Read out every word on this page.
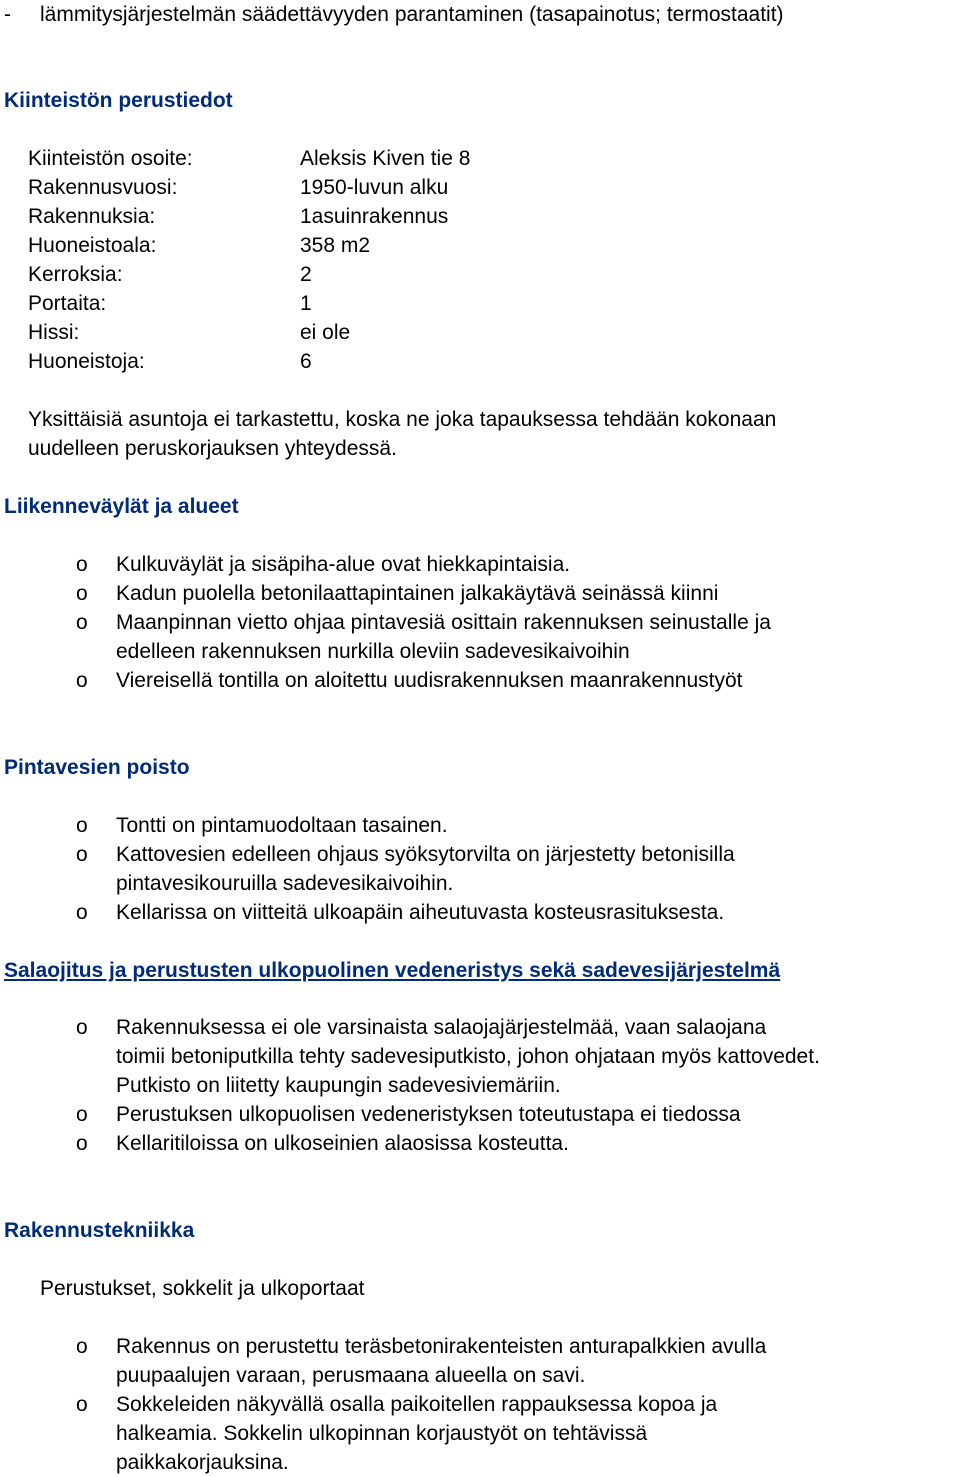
- lämmitysjärjestelmän säädettävyyden parantaminen (tasapainotus; termostaatit)
Kiinteistön perustiedot
Kiinteistön osoite:	Aleksis Kiven tie 8
Rakennusvuosi:	1950-luvun alku
Rakennuksia:	1asuinrakennus
Huoneistoala:	358 m2
Kerroksia:	2
Portaita:	1
Hissi:	ei ole
Huoneistoja:	6
Yksittäisiä asuntoja ei tarkastettu, koska ne joka tapauksessa tehdään kokonaan
uudelleen peruskorjauksen yhteydessä.
Liikenneväylät ja alueet
o Kulkuväylät ja sisäpiha-alue ovat hiekkapintaisia.
o Kadun puolella betonilaattapintainen jalkakäytävä seinässä kiinni
o Maanpinnan vietto ohjaa pintavesiä osittain rakennuksen seinustalle ja
edelleen rakennuksen nurkilla oleviin sadevesikaivoihin
o Viereisellä tontilla on aloitettu uudisrakennuksen maanrakennustyöt
Pintavesien poisto
o Tontti on pintamuodoltaan tasainen.
o Kattovesien edelleen ohjaus syöksytorvilta on järjestetty betonisilla
pintavesikouruilla sadevesikaivoihin.
o Kellarissa on viitteitä ulkoapäin aiheutuvasta kosteusrasituksesta.
Salaojitus ja perustusten ulkopuolinen vedeneristys sekä sadevesijärjestelmä
o Rakennuksessa ei ole varsinaista salaojajärjestelmää, vaan salaojana
toimii betoniputkilla tehty sadevesiputkisto, johon ohjataan myös kattovedet.
Putkisto on liitetty kaupungin sadevesiviemäriin.
o Perustuksen ulkopuolisen vedeneristyksen toteutustapa ei tiedossa
o Kellaritiloissa on ulkoseinien alaosissa kosteutta.
Rakennustekniikka
Perustukset, sokkelit ja ulkoportaat
o Rakennus on perustettu teräsbetonirakenteisten anturapalkkien avulla
puupaalujen varaan, perusmaana alueella on savi.
o Sokkeleiden näkyvällä osalla paikoitellen rappauksessa kopoa ja
halkeamia. Sokkelin ulkopinnan korjaustyöt on tehtävissä
paikkakorjauksina.
